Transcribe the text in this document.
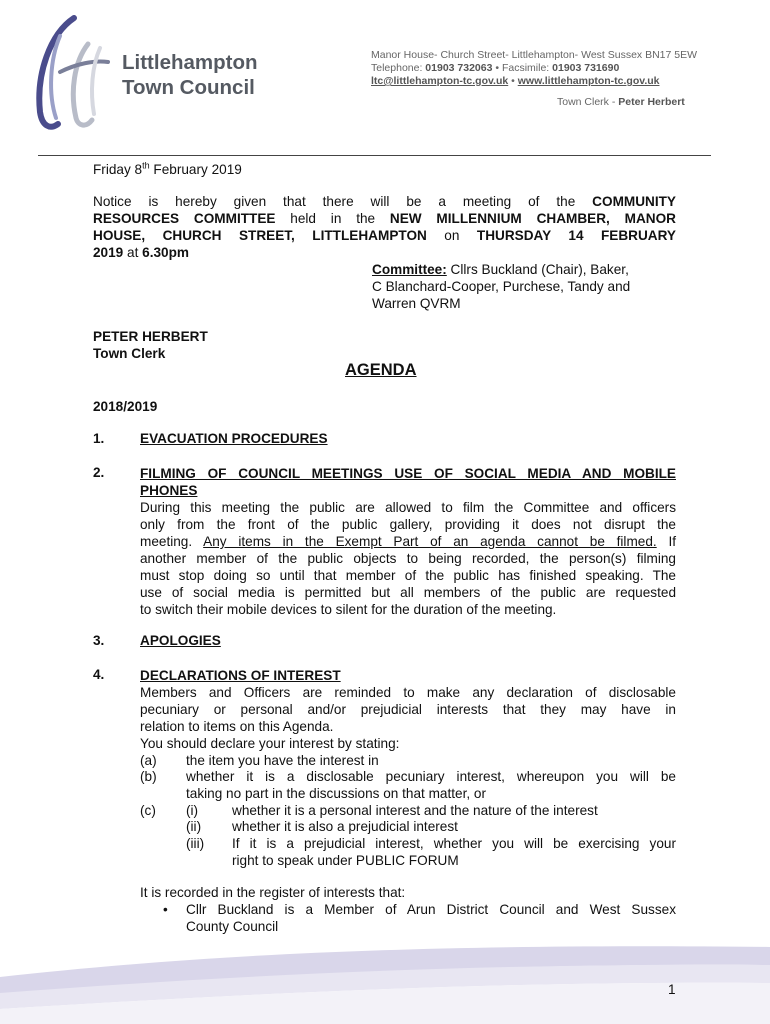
Littlehampton
Town Council
Manor House- Church Street- Littlehampton- West Sussex BN17 5EW
Telephone: 01903 732063 • Facsimile: 01903 731690
ltc@littlehampton-tc.gov.uk • www.littlehampton-tc.gov.uk
Town Clerk - Peter Herbert
Friday 8th February 2019
Notice is hereby given that there will be a meeting of the COMMUNITY
RESOURCES COMMITTEE held in the NEW MILLENNIUM CHAMBER, MANOR
HOUSE, CHURCH STREET, LITTLEHAMPTON on THURSDAY 14 FEBRUARY
2019 at 6.30pm
Committee: Cllrs Buckland (Chair), Baker,
C Blanchard-Cooper, Purchese, Tandy and
Warren QVRM
PETER HERBERT
Town Clerk
AGENDA
2018/2019
1.	EVACUATION PROCEDURES
2.	FILMING OF COUNCIL MEETINGS USE OF SOCIAL MEDIA AND MOBILE
PHONES
During this meeting the public are allowed to film the Committee and officers
only from the front of the public gallery, providing it does not disrupt the
meeting. Any items in the Exempt Part of an agenda cannot be filmed. If
another member of the public objects to being recorded, the person(s) filming
must stop doing so until that member of the public has finished speaking. The
use of social media is permitted but all members of the public are requested
to switch their mobile devices to silent for the duration of the meeting.
3.	APOLOGIES
4.	DECLARATIONS OF INTEREST
Members and Officers are reminded to make any declaration of disclosable
pecuniary or personal and/or prejudicial interests that they may have in
relation to items on this Agenda.
You should declare your interest by stating:
(a) the item you have the interest in
(b) whether it is a disclosable pecuniary interest, whereupon you will be
taking no part in the discussions on that matter, or
(c) (i) whether it is a personal interest and the nature of the interest
(ii) whether it is also a prejudicial interest
(iii) If it is a prejudicial interest, whether you will be exercising your
right to speak under PUBLIC FORUM
It is recorded in the register of interests that:
• Cllr Buckland is a Member of Arun District Council and West Sussex
County Council
1
